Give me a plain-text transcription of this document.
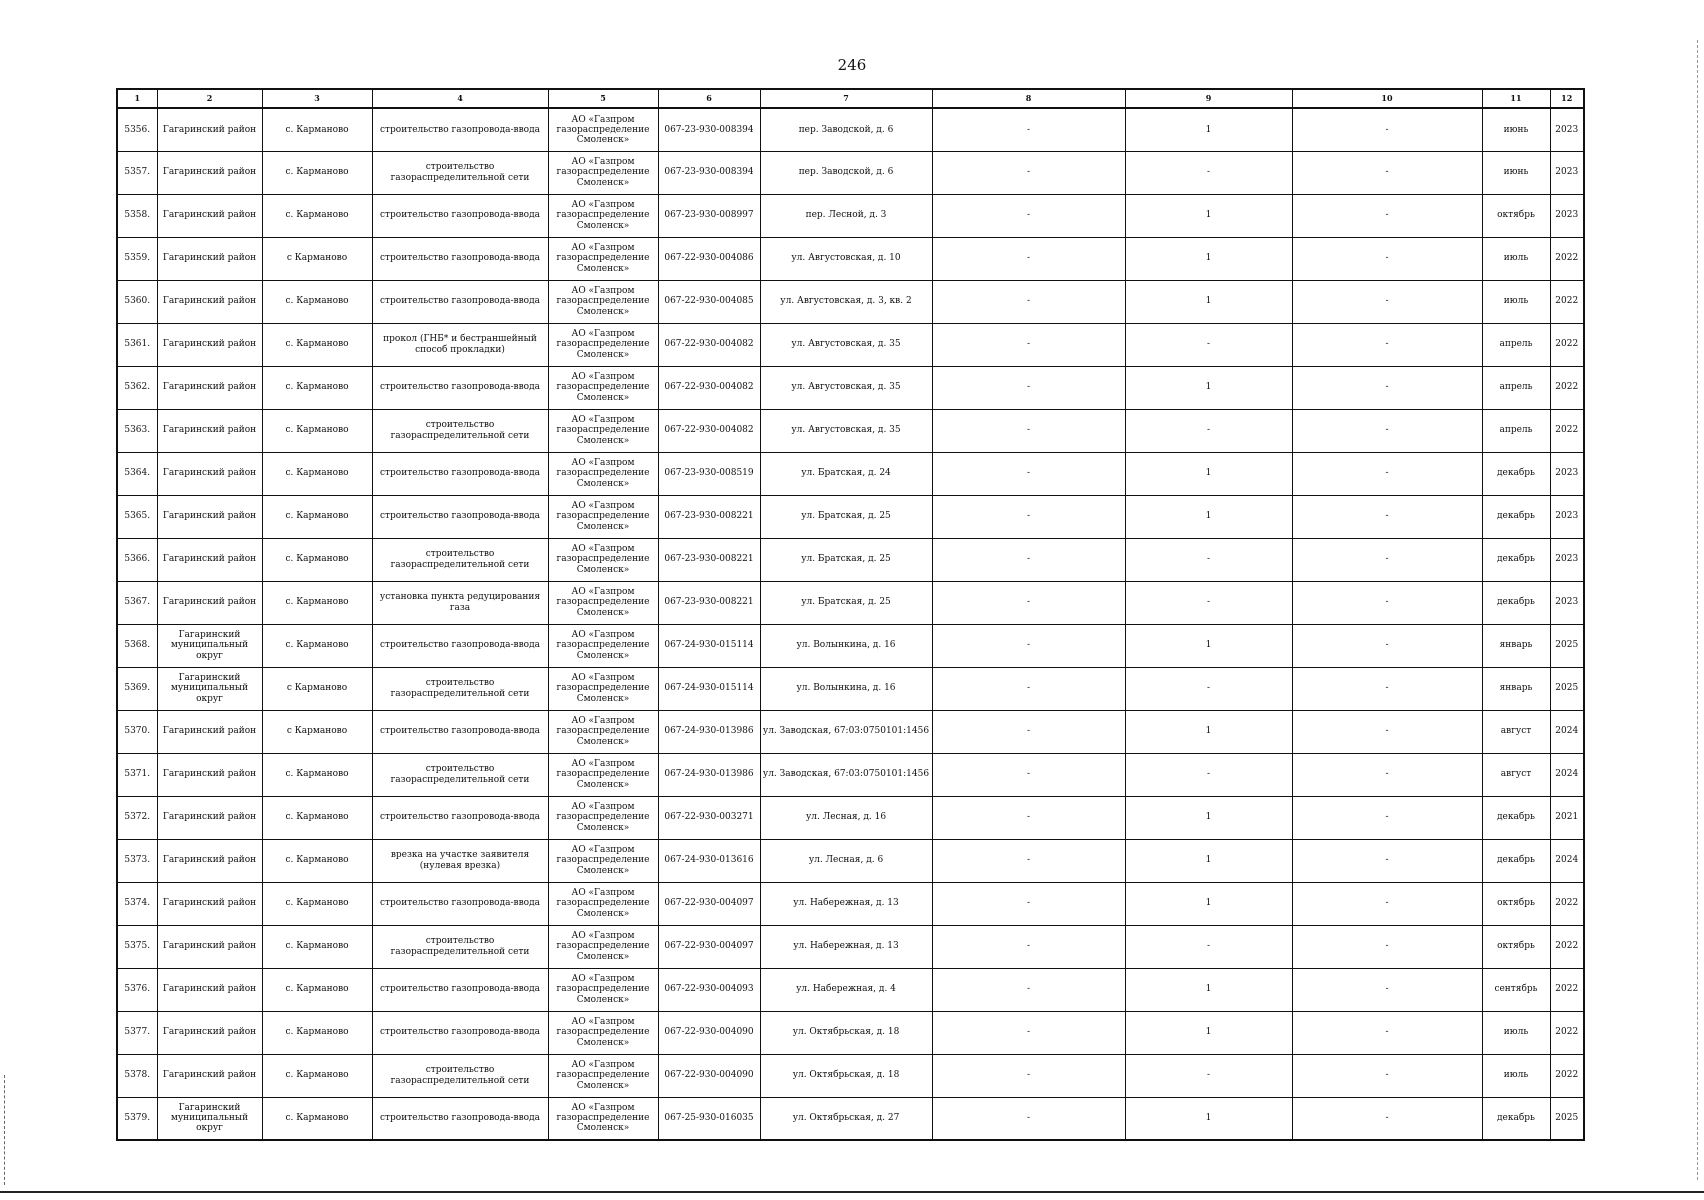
246
1	2	3	4	5	6	7	8	9	10	11	12
5356.	Гагаринский район	с. Карманово	строительство газопровода-ввода	АО «Газпром газораспределение Смоленск»	067-23-930-008394	пер. Заводской, д. 6	-	1	-	июнь	2023
5357.	Гагаринский район	с. Карманово	строительство газораспределительной сети	АО «Газпром газораспределение Смоленск»	067-23-930-008394	пер. Заводской, д. 6	-	-	-	июнь	2023
5358.	Гагаринский район	с. Карманово	строительство газопровода-ввода	АО «Газпром газораспределение Смоленск»	067-23-930-008997	пер. Лесной, д. 3	-	1	-	октябрь	2023
5359.	Гагаринский район	с Карманово	строительство газопровода-ввода	АО «Газпром газораспределение Смоленск»	067-22-930-004086	ул. Августовская, д. 10	-	1	-	июль	2022
5360.	Гагаринский район	с. Карманово	строительство газопровода-ввода	АО «Газпром газораспределение Смоленск»	067-22-930-004085	ул. Августовская, д. 3, кв. 2	-	1	-	июль	2022
5361.	Гагаринский район	с. Карманово	прокол (ГНБ* и бестраншейный способ прокладки)	АО «Газпром газораспределение Смоленск»	067-22-930-004082	ул. Августовская, д. 35	-	-	-	апрель	2022
5362.	Гагаринский район	с. Карманово	строительство газопровода-ввода	АО «Газпром газораспределение Смоленск»	067-22-930-004082	ул. Августовская, д. 35	-	1	-	апрель	2022
5363.	Гагаринский район	с. Карманово	строительство газораспределительной сети	АО «Газпром газораспределение Смоленск»	067-22-930-004082	ул. Августовская, д. 35	-	-	-	апрель	2022
5364.	Гагаринский район	с. Карманово	строительство газопровода-ввода	АО «Газпром газораспределение Смоленск»	067-23-930-008519	ул. Братская, д. 24	-	1	-	декабрь	2023
5365.	Гагаринский район	с. Карманово	строительство газопровода-ввода	АО «Газпром газораспределение Смоленск»	067-23-930-008221	ул. Братская, д. 25	-	1	-	декабрь	2023
5366.	Гагаринский район	с. Карманово	строительство газораспределительной сети	АО «Газпром газораспределение Смоленск»	067-23-930-008221	ул. Братская, д. 25	-	-	-	декабрь	2023
5367.	Гагаринский район	с. Карманово	установка пункта редуцирования газа	АО «Газпром газораспределение Смоленск»	067-23-930-008221	ул. Братская, д. 25	-	-	-	декабрь	2023
5368.	Гагаринский муниципальный округ	с. Карманово	строительство газопровода-ввода	АО «Газпром газораспределение Смоленск»	067-24-930-015114	ул. Волынкина, д. 16	-	1	-	январь	2025
5369.	Гагаринский муниципальный округ	с Карманово	строительство газораспределительной сети	АО «Газпром газораспределение Смоленск»	067-24-930-015114	ул. Волынкина, д. 16	-	-	-	январь	2025
5370.	Гагаринский район	с Карманово	строительство газопровода-ввода	АО «Газпром газораспределение Смоленск»	067-24-930-013986	ул. Заводская, 67:03:0750101:1456	-	1	-	август	2024
5371.	Гагаринский район	с. Карманово	строительство газораспределительной сети	АО «Газпром газораспределение Смоленск»	067-24-930-013986	ул. Заводская, 67:03:0750101:1456	-	-	-	август	2024
5372.	Гагаринский район	с. Карманово	строительство газопровода-ввода	АО «Газпром газораспределение Смоленск»	067-22-930-003271	ул. Лесная, д. 16	-	1	-	декабрь	2021
5373.	Гагаринский район	с. Карманово	врезка на участке заявителя (нулевая врезка)	АО «Газпром газораспределение Смоленск»	067-24-930-013616	ул. Лесная, д. 6	-	1	-	декабрь	2024
5374.	Гагаринский район	с. Карманово	строительство газопровода-ввода	АО «Газпром газораспределение Смоленск»	067-22-930-004097	ул. Набережная, д. 13	-	1	-	октябрь	2022
5375.	Гагаринский район	с. Карманово	строительство газораспределительной сети	АО «Газпром газораспределение Смоленск»	067-22-930-004097	ул. Набережная, д. 13	-	-	-	октябрь	2022
5376.	Гагаринский район	с. Карманово	строительство газопровода-ввода	АО «Газпром газораспределение Смоленск»	067-22-930-004093	ул. Набережная, д. 4	-	1	-	сентябрь	2022
5377.	Гагаринский район	с. Карманово	строительство газопровода-ввода	АО «Газпром газораспределение Смоленск»	067-22-930-004090	ул. Октябрьская, д. 18	-	1	-	июль	2022
5378.	Гагаринский район	с. Карманово	строительство газораспределительной сети	АО «Газпром газораспределение Смоленск»	067-22-930-004090	ул. Октябрьская, д. 18	-	-	-	июль	2022
5379.	Гагаринский муниципальный округ	с. Карманово	строительство газопровода-ввода	АО «Газпром газораспределение Смоленск»	067-25-930-016035	ул. Октябрьская, д. 27	-	1	-	декабрь	2025
